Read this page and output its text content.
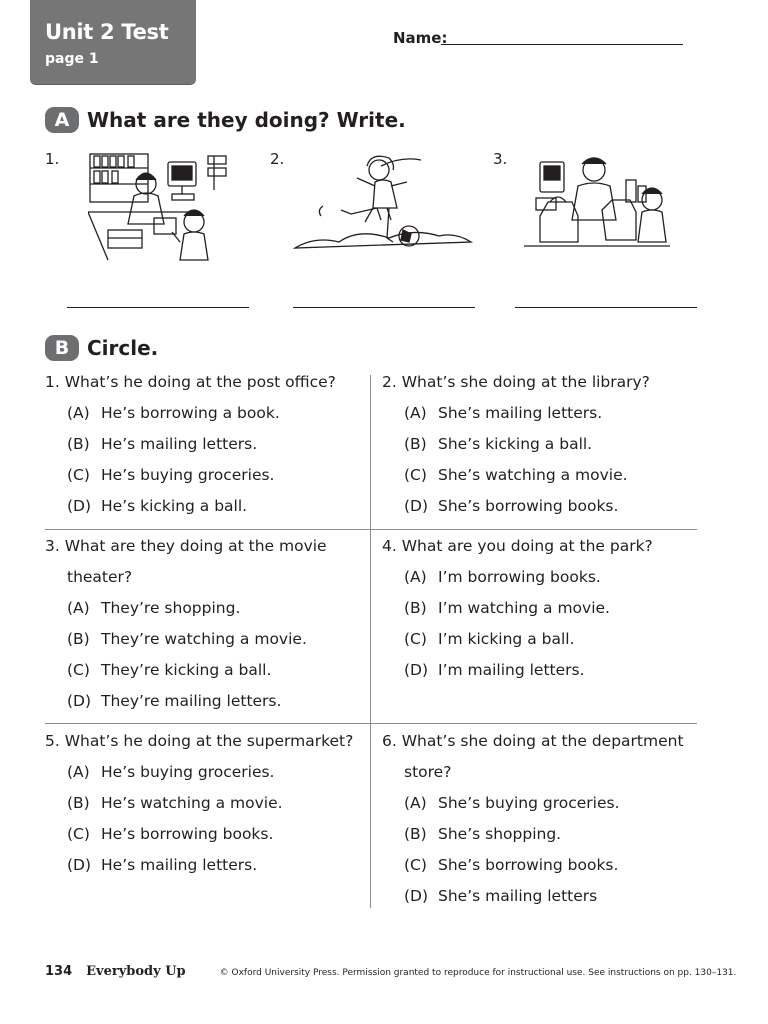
Unit 2 Test
page 1
Name:
A What are they doing? Write.
1.	2.	3.
B Circle.
1. What’s he doing at the post office?
(A) He’s borrowing a book.
(B) He’s mailing letters.
(C) He’s buying groceries.
(D) He’s kicking a ball.
2. What’s she doing at the library?
(A) She’s mailing letters.
(B) She’s kicking a ball.
(C) She’s watching a movie.
(D) She’s borrowing books.
3. What are they doing at the movie
theater?
(A) They’re shopping.
(B) They’re watching a movie.
(C) They’re kicking a ball.
(D) They’re mailing letters.
4. What are you doing at the park?
(A) I’m borrowing books.
(B) I’m watching a movie.
(C) I’m kicking a ball.
(D) I’m mailing letters.
5. What’s he doing at the supermarket?
(A) He’s buying groceries.
(B) He’s watching a movie.
(C) He’s borrowing books.
(D) He’s mailing letters.
6. What’s she doing at the department
store?
(A) She’s buying groceries.
(B) She’s shopping.
(C) She’s borrowing books.
(D) She’s mailing letters
134 Everybody Up	© Oxford University Press. Permission granted to reproduce for instructional use. See instructions on pp. 130–131.
